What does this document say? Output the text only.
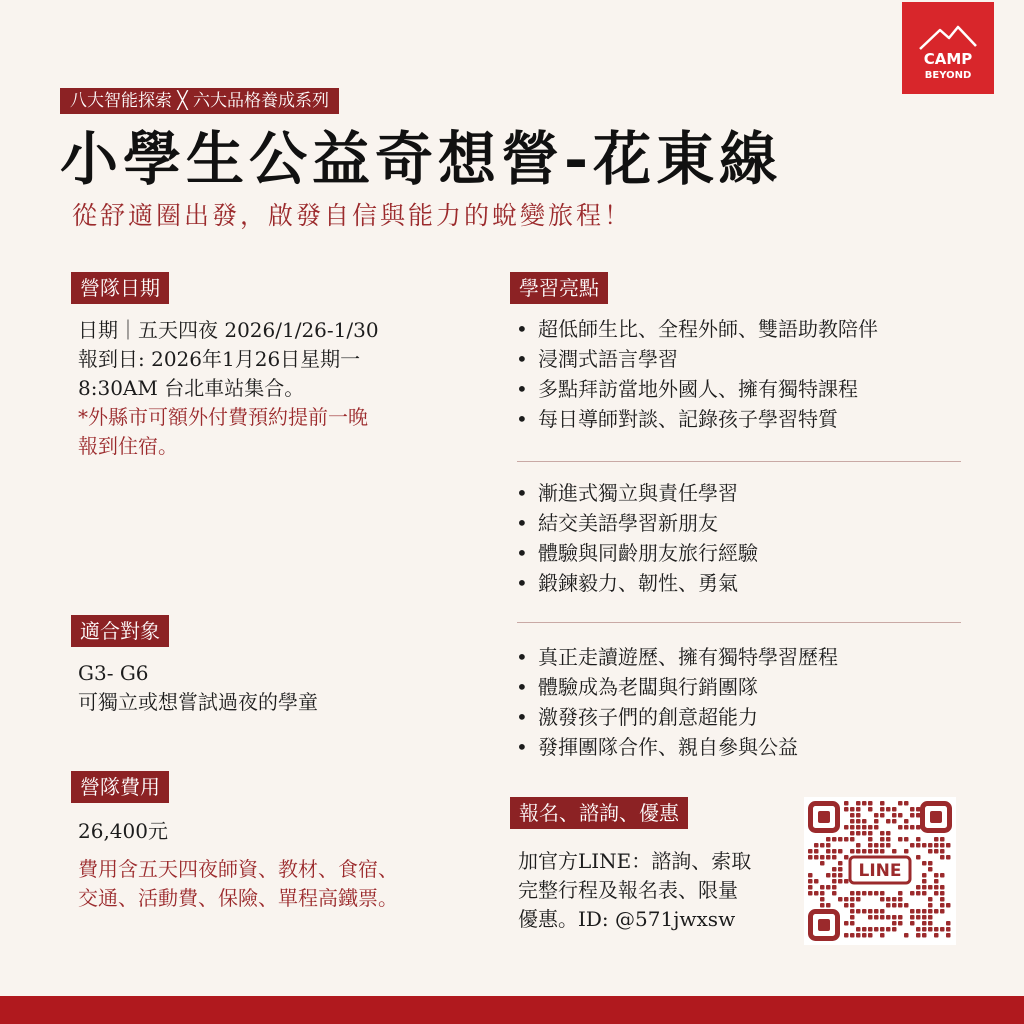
CAMP
BEYOND
八大智能探索 ╳ 六大品格養成系列
小學生公益奇想營-花東線
從舒適圈出發，啟發自信與能力的蛻變旅程！
營隊日期
日期｜五天四夜 2026/1/26-1/30
報到日: 2026年1月26日星期一
8:30AM 台北車站集合。
*外縣市可額外付費預約提前一晚
報到住宿。
適合對象
G3- G6
可獨立或想嘗試過夜的學童
營隊費用
26,400元
費用含五天四夜師資、教材、食宿、
交通、活動費、保險、單程高鐵票。
學習亮點
• 超低師生比、全程外師、雙語助教陪伴
• 浸潤式語言學習
• 多點拜訪當地外國人、擁有獨特課程
• 每日導師對談、記錄孩子學習特質
• 漸進式獨立與責任學習
• 結交美語學習新朋友
• 體驗與同齡朋友旅行經驗
• 鍛鍊毅力、韌性、勇氣
• 真正走讀遊歷、擁有獨特學習歷程
• 體驗成為老闆與行銷團隊
• 激發孩子們的創意超能力
• 發揮團隊合作、親自參與公益
報名、諮詢、優惠
加官方LINE：諮詢、索取
完整行程及報名表、限量
優惠。ID: @571jwxsw
LINE
